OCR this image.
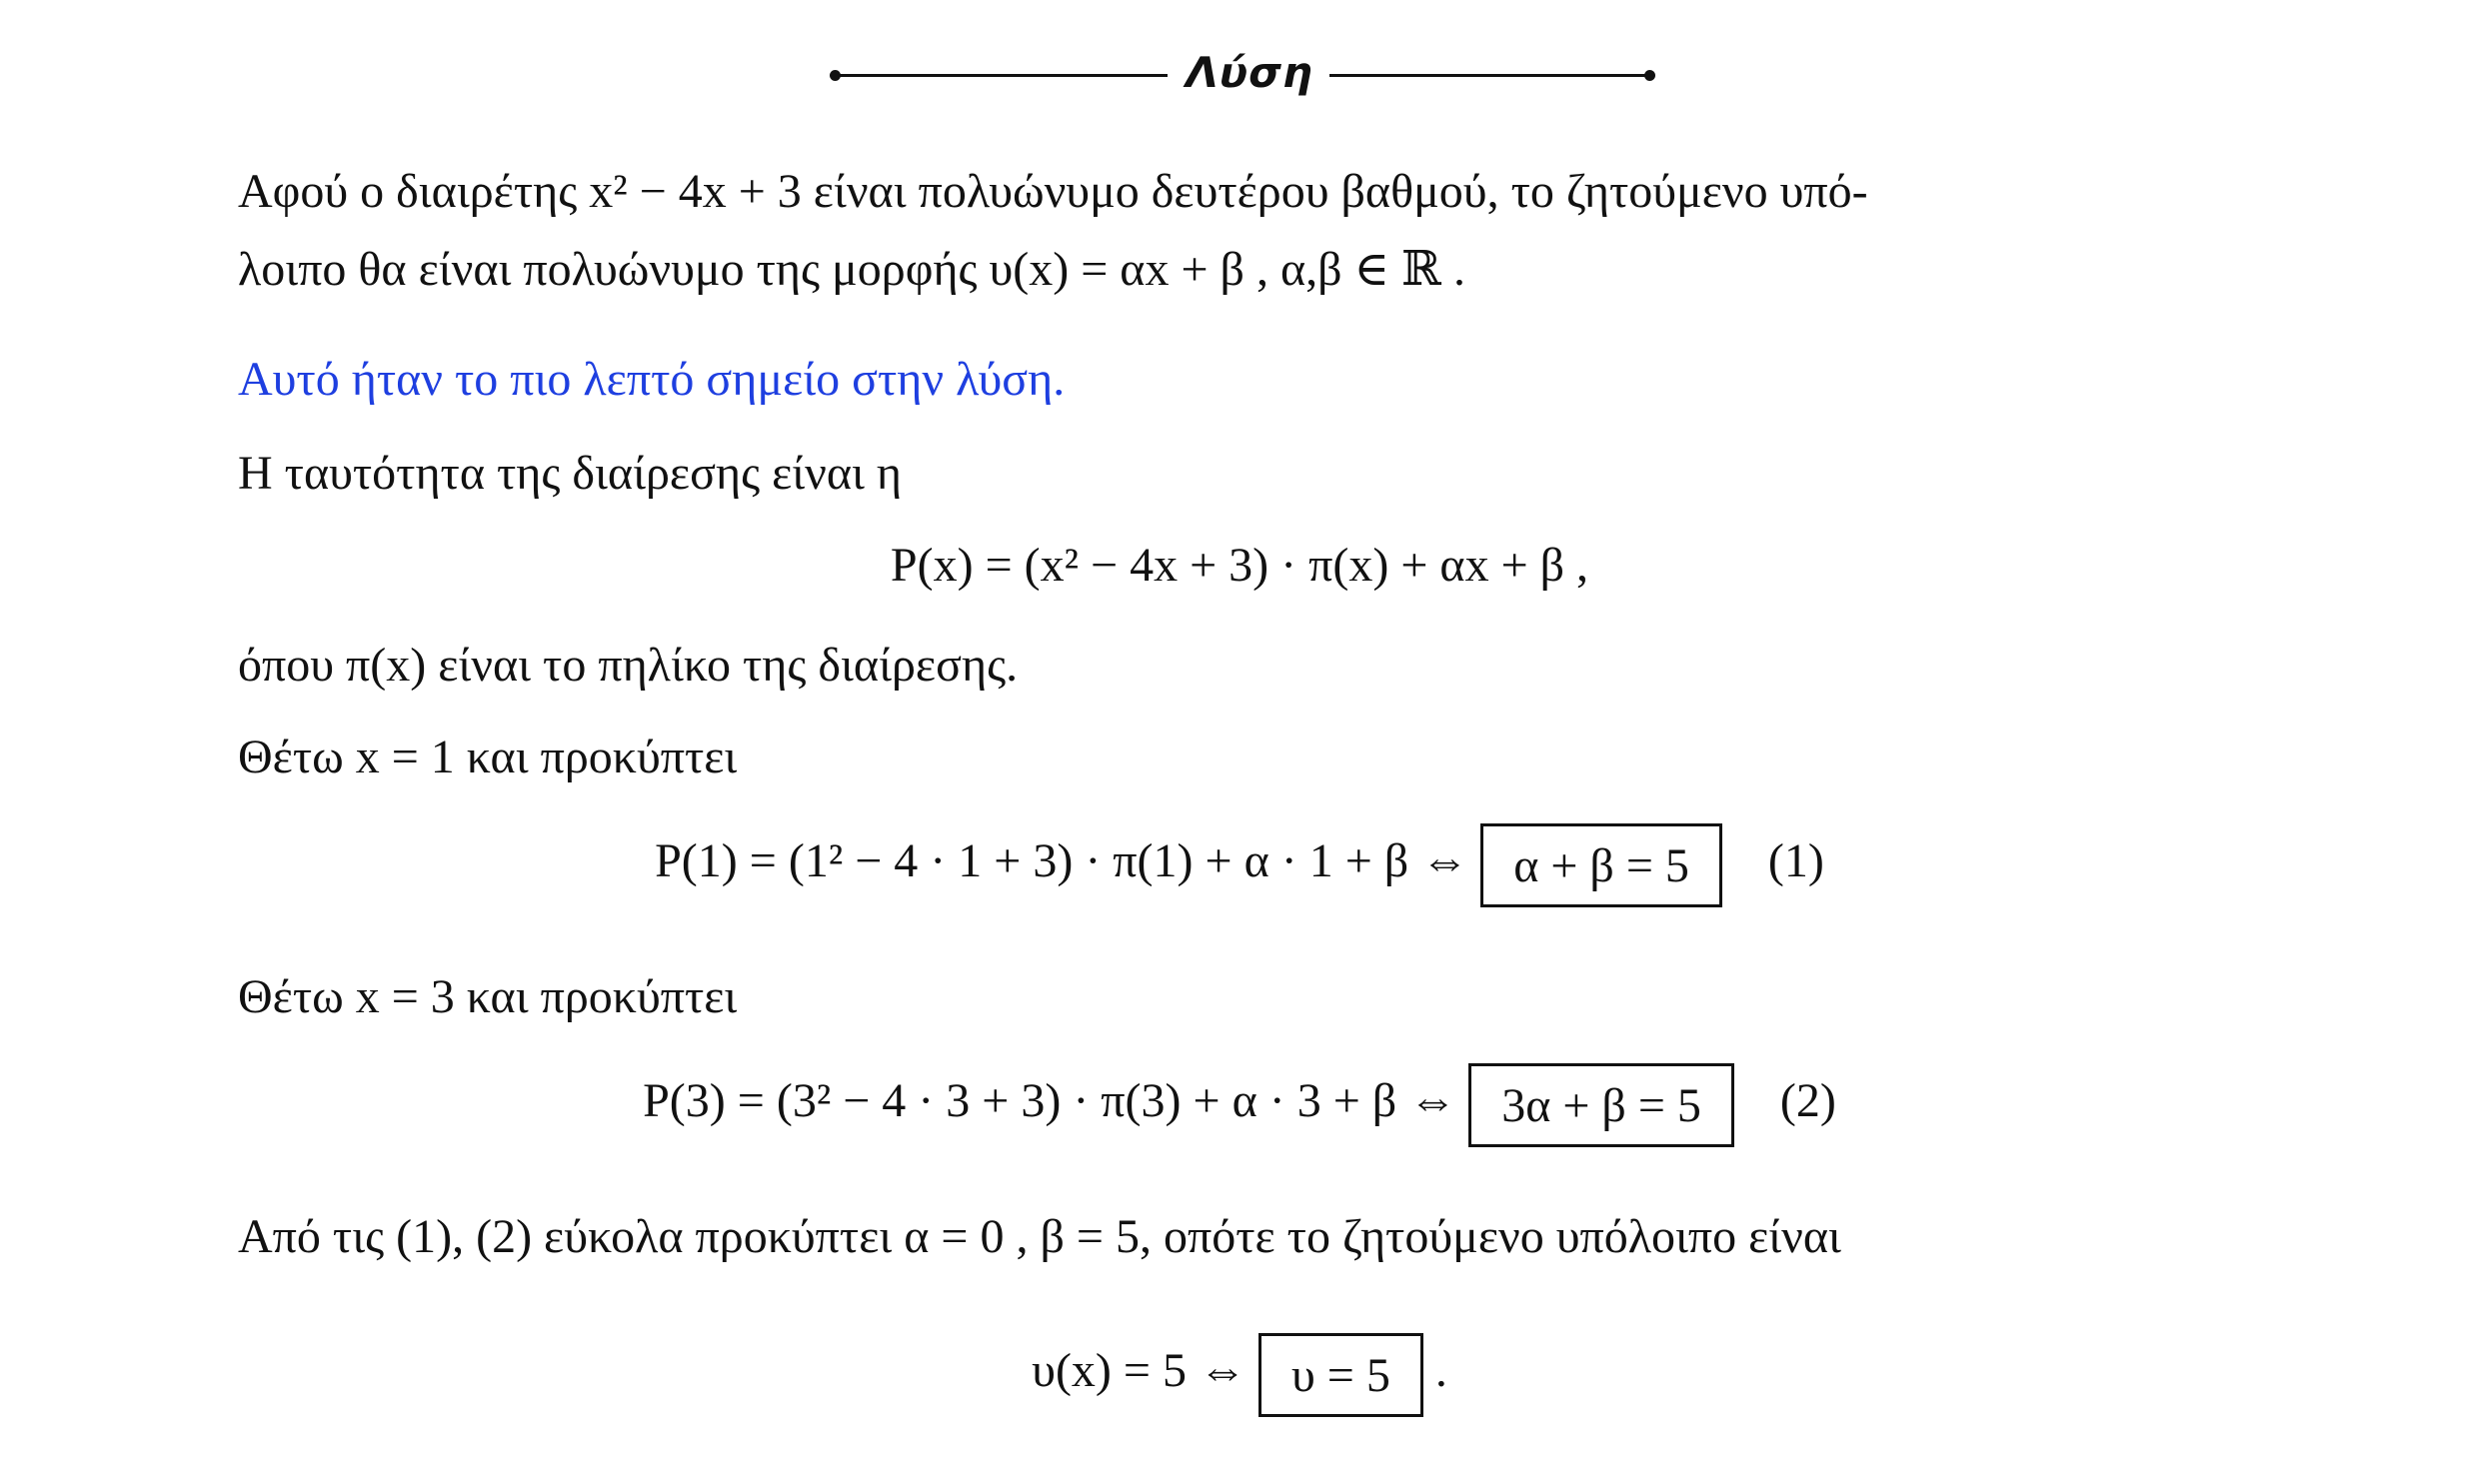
Λύση
Αφού ο διαιρέτης x² − 4x + 3 είναι πολυώνυμο δευτέρου βαθμού, το ζητούμενο υπό-
λοιπο θα είναι πολυώνυμο της μορφής υ(x) = αx + β , α,β ∈ ℝ .
Αυτό ήταν το πιο λεπτό σημείο στην λύση.
Η ταυτότητα της διαίρεσης είναι η
P(x) = (x² − 4x + 3) · π(x) + αx + β ,
όπου π(x) είναι το πηλίκο της διαίρεσης.
Θέτω x = 1 και προκύπτει
P(1) = (1² − 4 · 1 + 3) · π(1) + α · 1 + β ⇔ α + β = 5 (1)
Θέτω x = 3 και προκύπτει
P(3) = (3² − 4 · 3 + 3) · π(3) + α · 3 + β ⇔ 3α + β = 5 (2)
Από τις (1), (2) εύκολα προκύπτει α = 0 , β = 5, οπότε το ζητούμενο υπόλοιπο είναι
υ(x) = 5 ⇔ υ = 5 .
